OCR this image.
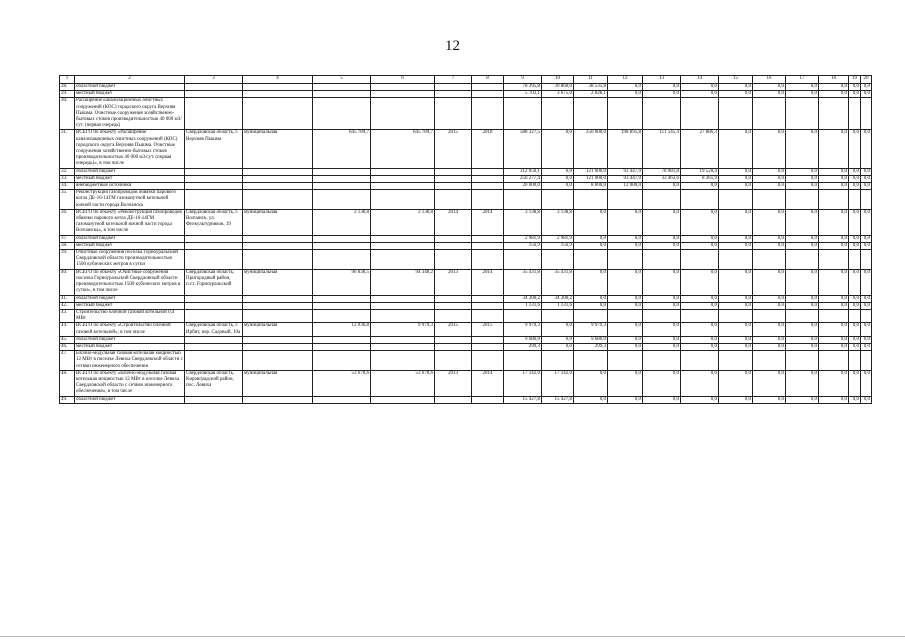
12
1	2	3	4	5	6	7	8	9	10	11	12	13	14	15	16	17	18	19	20
28.	областной бюджет							78 395,8	39 860,0	38 535,8	0,0	0,0	0,0	0,0	0,0	0,0	0,0	0,0	0,0
29.	местный бюджет							5 703,1	3 675,0	2 028,1	0,0	0,0	0,0	0,0	0,0	0,0	0,0	0,0	0,0
30.	Расширение канализационных очистных сооружений (КОС) городского округа Верхняя Пышма. Очистные сооружения хозяйственно-бытовых стоков производительностью 40 000 м3/сут. (первая очередь)																		
31.	ВСЕГО по объекту «Расширение канализационных очистных сооружений (КОС) городского округа Верхняя Пышма. Очистные сооружения хозяйственно-бытовых стоков производительностью 40 000 м3/сут. (первая очередь)», в том числе	Свердловская область, г. Верхняя Пышма	муниципальная	645 789,7	645 789,7	2015	2018	588 327,5	0,0	250 000,0	198 895,8	111 545,4	27 886,3	0,0	0,0	0,0	0,0	0,0	0,0
32.	областной бюджет							312 050,1	0,0	121 000,0	93 447,9	78 081,8	19 520,4	0,0	0,0	0,0	0,0	0,0	0,0
33.	местный бюджет							256 277,4	0,0	121 000,0	93 447,9	33 463,6	8 365,9	0,0	0,0	0,0	0,0	0,0	0,0
34.	внебюджетные источники							20 000,0	0,0	8 000,0	12 000,0	0,0	0,0	0,0	0,0	0,0	0,0	0,0	0,0
35.	Реконструкция газопроводов обвязки парового котла ДЕ-16-14ГМ газомазутной котельной южной части города Волчанска																		
36.	ВСЕГО по объекту «Реконструкция газопроводов обвязки парового котла ДЕ-16-14ГМ газомазутной котельной южной части города Волчанска», в том числе	Свердловская область, г. Волчанск, ул. Физкультурников, 19	муниципальная	3 138,8	3 138,8	2014	2014	3 138,8	3 138,8	0,0	0,0	0,0	0,0	0,0	0,0	0,0	0,0	0,0	0,0
37.	областной бюджет							2 981,9	2 981,9	0,0	0,0	0,0	0,0	0,0	0,0	0,0	0,0	0,0	0,0
38.	местный бюджет							156,9	156,9	0,0	0,0	0,0	0,0	0,0	0,0	0,0	0,0	0,0	0,0
39.	Очистные сооружения поселка Горноуральский Свердловской области производительностью 1500 кубических метров в сутки																		
40.	ВСЕГО по объекту «Очистные сооружения поселка Горноуральский Свердловской области производительностью 1500 кубических метров в сутки», в том числе	Свердловская область, Пригородный район, п.г.т. Горноуральский	муниципальная	96 838,5	94 348,2	2013	2014	35 431,8	35 431,8	0,0	0,0	0,0	0,0	0,0	0,0	0,0	0,0	0,0	0,0
41.	областной бюджет							34 300,2	34 300,2	0,0	0,0	0,0	0,0	0,0	0,0	0,0	0,0	0,0	0,0
42.	местный бюджет							1 131,6	1 131,6	0,0	0,0	0,0	0,0	0,0	0,0	0,0	0,0	0,0	0,0
43.	Строительство блочной газовой котельной 0,4 МВт																		
44.	ВСЕГО по объекту «Строительство блочной газовой котельной», в том числе	Свердловская область, г. Ирбит, пер. Садовый, 10а	муниципальная	12 036,8	9 979,3	2015	2015	9 979,3	0,0	9 979,3	0,0	0,0	0,0	0,0	0,0	0,0	0,0	0,0	0,0
45.	областной бюджет							9 680,0	0,0	9 680,0	0,0	0,0	0,0	0,0	0,0	0,0	0,0	0,0	0,0
46.	местный бюджет							299,3	0,0	299,3	0,0	0,0	0,0	0,0	0,0	0,0	0,0	0,0	0,0
47.	Блочно-модульная газовая котельная мощностью 12 МВт в поселке Левиха Свердловской области с сетями инженерного обеспечения																		
48.	ВСЕГО по объекту «Блочно-модульная газовая котельная мощностью 12 МВт в поселке Левиха Свердловской области с сетями инженерного обеспечения», в том числе	Свердловская область, Кировградский район, пос. Левиха	муниципальная	53 678,6	53 678,6	2013	2014	17 142,0	17 142,0	0,0	0,0	0,0	0,0	0,0	0,0	0,0	0,0	0,0	0,0
49.	областной бюджет							15 427,8	15 427,8	0,0	0,0	0,0	0,0	0,0	0,0	0,0	0,0	0,0	0,0
